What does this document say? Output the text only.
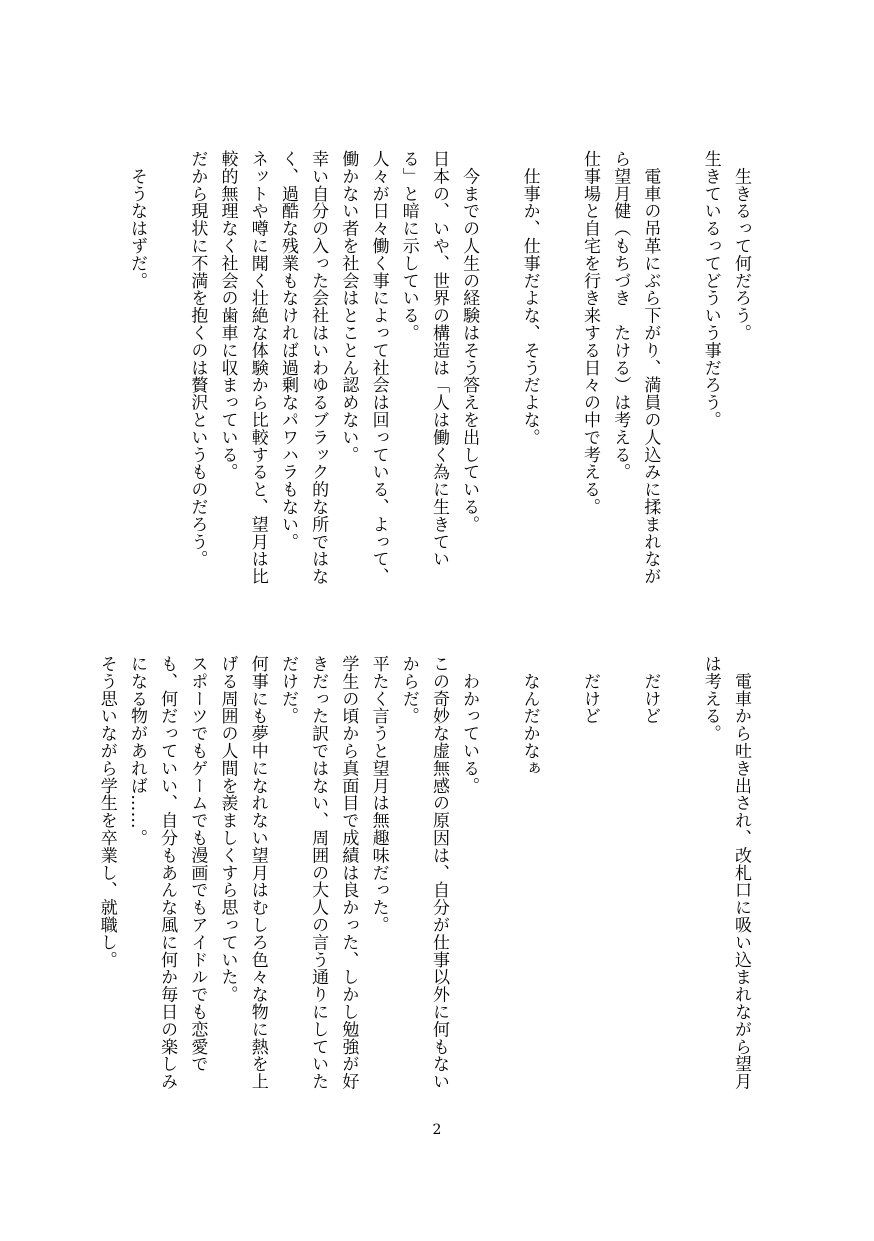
　生きるって何だろう。
生きているってどういう事だろう。

　電車の吊革にぶら下がり、満員の人込みに揉まれなが
ら望月健（もちづき　たける）は考える。
仕事場と自宅を行き来する日々の中で考える。

　仕事か、仕事だよな、そうだよな。

　今までの人生の経験はそう答えを出している。
日本の、いや、世界の構造は「人は働く為に生きてい
る」と暗に示している。
人々が日々働く事によって社会は回っている、よって、
働かない者を社会はとことん認めない。
幸い自分の入った会社はいわゆるブラック的な所ではな
く、過酷な残業もなければ過剰なパワハラもない。
ネットや噂に聞く壮絶な体験から比較すると、望月は比
較的無理なく社会の歯車に収まっている。
だから現状に不満を抱くのは贅沢というものだろう。

　そうなはずだ。
　電車から吐き出され、改札口に吸い込まれながら望月
は考える。

　だけど

　だけど

　なんだかなぁ

　わかっている。
この奇妙な虚無感の原因は、自分が仕事以外に何もない
からだ。
平たく言うと望月は無趣味だった。
学生の頃から真面目で成績は良かった、しかし勉強が好
きだった訳ではない、周囲の大人の言う通りにしていた
だけだ。
何事にも夢中になれない望月はむしろ色々な物に熱を上
げる周囲の人間を羨ましくすら思っていた。
スポーツでもゲームでも漫画でもアイドルでも恋愛で
も、何だっていい、自分もあんな風に何か毎日の楽しみ
になる物があれば……。
そう思いながら学生を卒業し、就職し。
2
